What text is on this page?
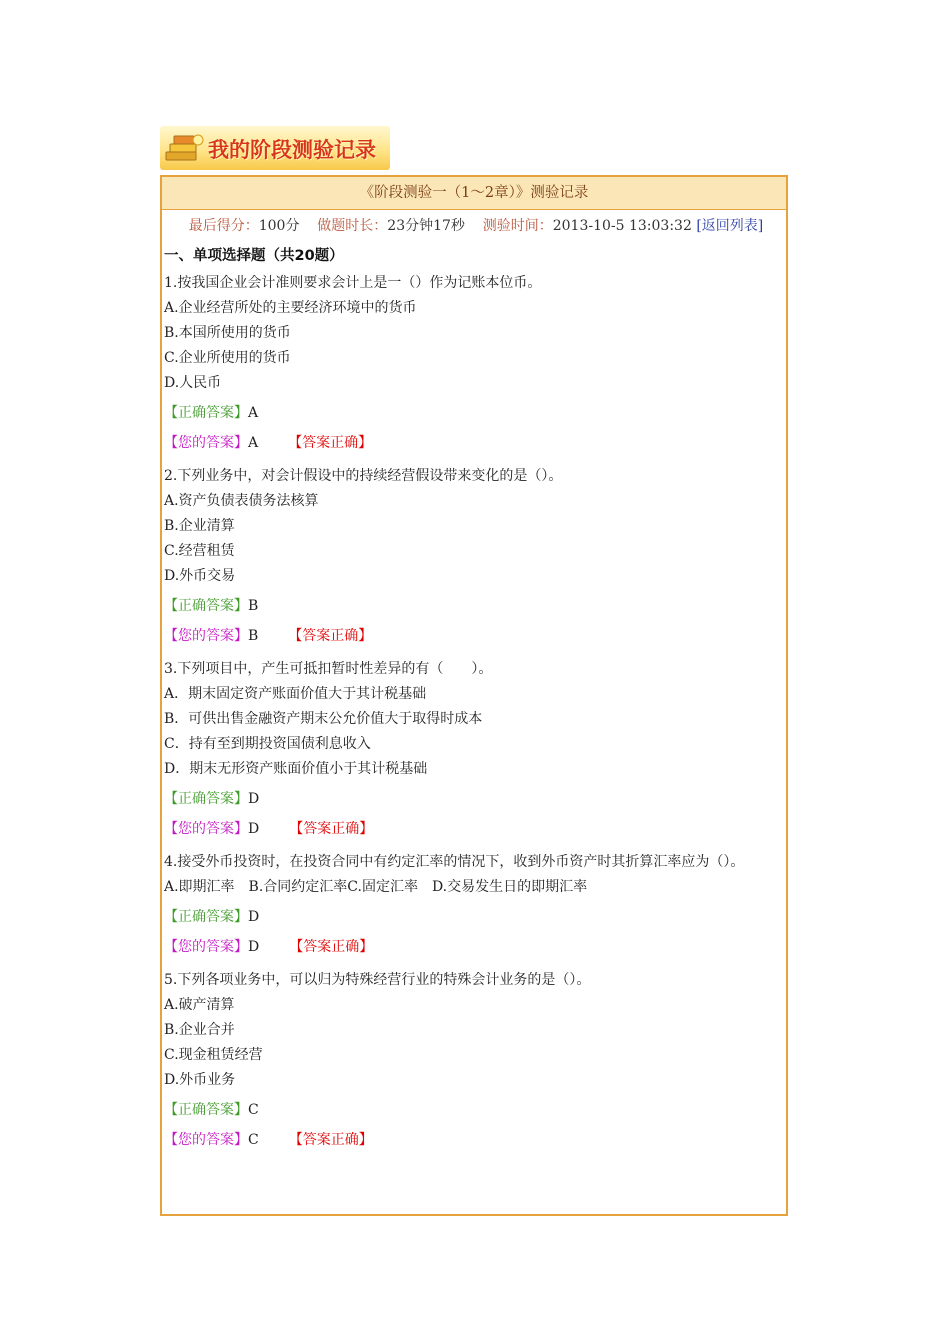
我的阶段测验记录
《阶段测验一（1～2章）》测验记录
最后得分：100分 做题时长：23分钟17秒 测验时间：2013-10-5 13:03:32 [返回列表]
一、单项选择题（共20题）

1.按我国企业会计准则要求会计上是一（）作为记账本位币。

A.企业经营所处的主要经济环境中的货币

B.本国所使用的货币

C.企业所使用的货币

D.人民币

【正确答案】A

【您的答案】A 【答案正确】

2.下列业务中，对会计假设中的持续经营假设带来变化的是（）。

A.资产负债表债务法核算

B.企业清算

C.经营租赁

D.外币交易

【正确答案】B

【您的答案】B 【答案正确】

3.下列项目中，产生可抵扣暂时性差异的有（　　）。

A．期末固定资产账面价值大于其计税基础

B．可供出售金融资产期末公允价值大于取得时成本

C．持有至到期投资国债利息收入

D．期末无形资产账面价值小于其计税基础

【正确答案】D

【您的答案】D 【答案正确】

4.接受外币投资时，在投资合同中有约定汇率的情况下，收到外币资产时其折算汇率应为（）。

A.即期汇率　B.合同约定汇率C.固定汇率　D.交易发生日的即期汇率

【正确答案】D

【您的答案】D 【答案正确】

5.下列各项业务中，可以归为特殊经营行业的特殊会计业务的是（）。

A.破产清算

B.企业合并

C.现金租赁经营

D.外币业务

【正确答案】C

【您的答案】C 【答案正确】
